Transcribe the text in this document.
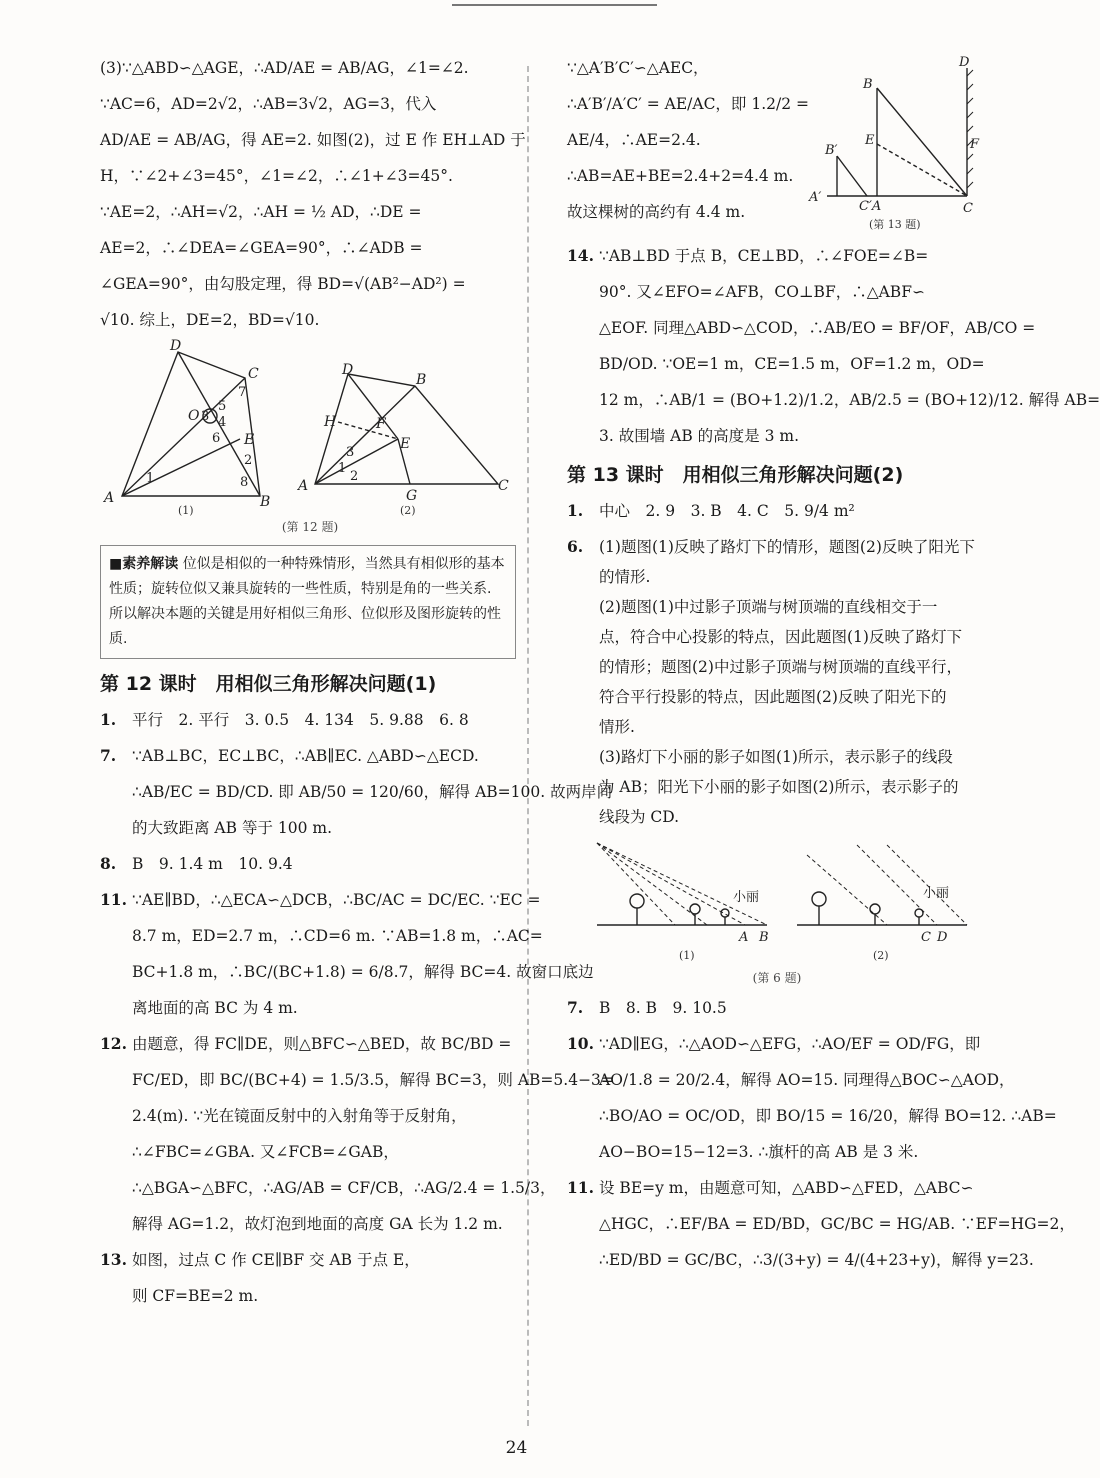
(3)∵△ABD∽△AGE，∴AD/AE = AB/AG，∠1=∠2.
∵AC=6，AD=2√2，∴AB=3√2，AG=3，代入
AD/AE = AB/AG，得 AE=2. 如图(2)，过 E 作 EH⊥AD 于
H，∵∠2+∠3=45°，∠1=∠2，∴∠1+∠3=45°.
∵AE=2，∴AH=√2，∴AH = ½ AD，∴DE =
AE=2，∴∠DEA=∠GEA=90°，∴∠ADB =
∠GEA=90°，由勾股定理，得 BD=√(AB²−AD²) =
√10. 综上，DE=2，BD=√10.
D
C
A	B
O
E
D
B
A	C
H	F
E
G
3
5
4
6
7
2
8
1
1
3
2
(1)	(2)
(第 12 题)
■素养解读 位似是相似的一种特殊情形，当然具有相似形的基本性质；旋转位似又兼具旋转的一些性质，特别是角的一些关系. 所以解决本题的关键是用好相似三角形、位似形及图形旋转的性质.
第 12 课时　用相似三角形解决问题(1)
1. 平行　2. 平行　3. 0.5　4. 134　5. 9.88　6. 8
7. ∵AB⊥BC，EC⊥BC，∴AB∥EC. △ABD∽△ECD.
∴AB/EC = BD/CD. 即 AB/50 = 120/60，解得 AB=100. 故两岸间
的大致距离 AB 等于 100 m.
8. B　9. 1.4 m　10. 9.4
11. ∵AE∥BD，∴△ECA∽△DCB，∴BC/AC = DC/EC. ∵EC =
8.7 m，ED=2.7 m，∴CD=6 m. ∵AB=1.8 m，∴AC=
BC+1.8 m，∴BC/(BC+1.8) = 6/8.7，解得 BC=4. 故窗口底边
离地面的高 BC 为 4 m.
12. 由题意，得 FC∥DE，则△BFC∽△BED，故 BC/BD =
FC/ED，即 BC/(BC+4) = 1.5/3.5，解得 BC=3，则 AB=5.4−3=
2.4(m). ∵光在镜面反射中的入射角等于反射角，
∴∠FBC=∠GBA. 又∠FCB=∠GAB，
∴△BGA∽△BFC，∴AG/AB = CF/CB，∴AG/2.4 = 1.5/3，
解得 AG=1.2，故灯泡到地面的高度 GA 长为 1.2 m.
13. 如图，过点 C 作 CE∥BF 交 AB 于点 E，
则 CF=BE=2 m.
∵△A′B′C′∽△AEC，
∴A′B′/A′C′ = AE/AC，即 1.2/2 =
AE/4，∴AE=2.4.
∴AB=AE+BE=2.4+2=4.4 m.
故这棵树的高约有 4.4 m.
D
B
B′
E	F
A′
C′A	C
(第 13 题)
14. ∵AB⊥BD 于点 B，CE⊥BD，∴∠FOE=∠B=
90°. 又∠EFO=∠AFB，CO⊥BF，∴△ABF∽
△EOF. 同理△ABD∽△COD，∴AB/EO = BF/OF，AB/CO =
BD/OD. ∵OE=1 m，CE=1.5 m，OF=1.2 m，OD=
12 m，∴AB/1 = (BO+1.2)/1.2，AB/2.5 = (BO+12)/12. 解得 AB=
3. 故围墙 AB 的高度是 3 m.
第 13 课时　用相似三角形解决问题(2)
1. 中心　2. 9　3. B　4. C　5. 9/4 m²
6. (1)题图(1)反映了路灯下的情形，题图(2)反映了阳光下
的情形.
(2)题图(1)中过影子顶端与树顶端的直线相交于一
点，符合中心投影的特点，因此题图(1)反映了路灯下
的情形；题图(2)中过影子顶端与树顶端的直线平行，
符合平行投影的特点，因此题图(2)反映了阳光下的
情形.
(3)路灯下小丽的影子如图(1)所示，表示影子的线段
为 AB；阳光下小丽的影子如图(2)所示，表示影子的
线段为 CD.
小丽	小丽
A B	C D
(1)	(2)
(第 6 题)
7. B　8. B　9. 10.5
10. ∵AD∥EG，∴△AOD∽△EFG，∴AO/EF = OD/FG，即
AO/1.8 = 20/2.4，解得 AO=15. 同理得△BOC∽△AOD，
∴BO/AO = OC/OD，即 BO/15 = 16/20，解得 BO=12. ∴AB=
AO−BO=15−12=3. ∴旗杆的高 AB 是 3 米.
11. 设 BE=y m，由题意可知，△ABD∽△FED，△ABC∽
△HGC，∴EF/BA = ED/BD，GC/BC = HG/AB. ∵EF=HG=2，
∴ED/BD = GC/BC，∴3/(3+y) = 4/(4+23+y)，解得 y=23.
24
